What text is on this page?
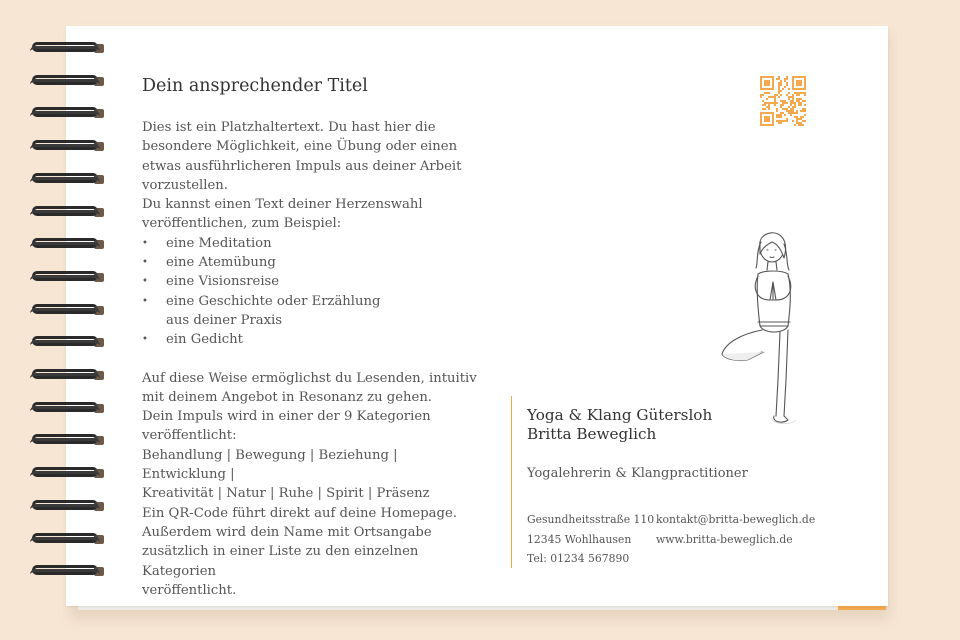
Bewegung
Dein ansprechender Titel

Dies ist ein Platzhaltertext. Du hast hier die

besondere Möglichkeit, eine Übung oder einen

etwas ausführlicheren Impuls aus deiner Arbeit

vorzustellen.

Du kannst einen Text deiner Herzenswahl

veröffentlichen, zum Beispiel:

• eine Meditation
• eine Atemübung
• eine Visionsreise
• eine Geschichte oder Erzählung
aus deiner Praxis
• ein Gedicht

Auf diese Weise ermöglichst du Lesenden, intuitiv

mit deinem Angebot in Resonanz zu gehen.

Dein Impuls wird in einer der 9 Kategorien

veröffentlicht:

Behandlung | Bewegung | Beziehung | Entwicklung |

Kreativität | Natur | Ruhe | Spirit | Präsenz

Ein QR-Code führt direkt auf deine Homepage.

Außerdem wird dein Name mit Ortsangabe

zusätzlich in einer Liste zu den einzelnen Kategorien

veröffentlicht.

Yoga & Klang Gütersloh
Britta Beweglich
Yogalehrerin & Klangpractitioner
Gesundheitsstraße 110
12345 Wohlhausen
Tel: 01234 567890
kontakt@britta-beweglich.de
www.britta-beweglich.de
